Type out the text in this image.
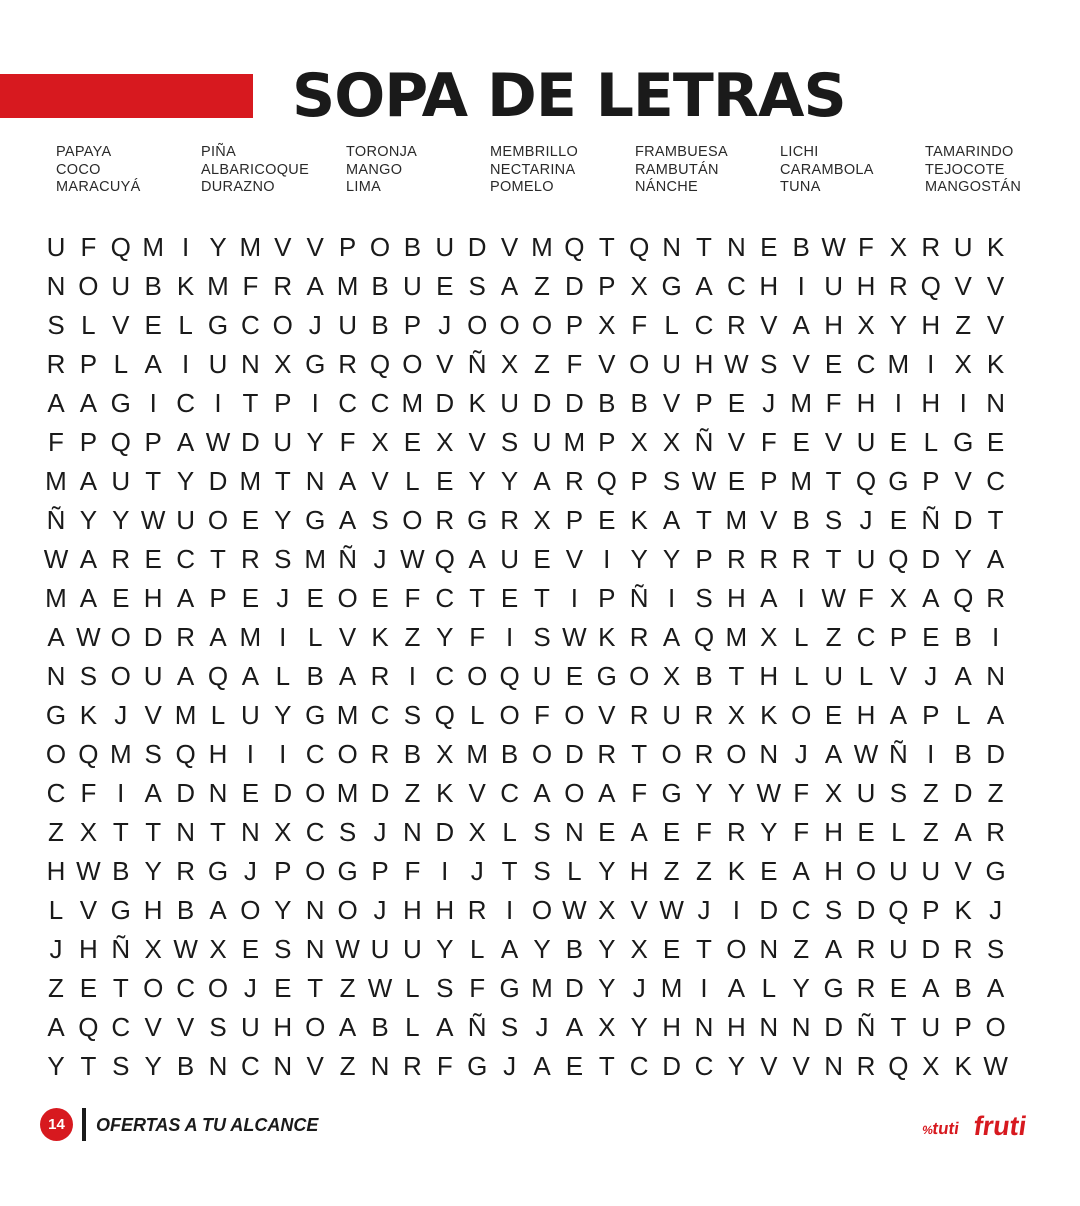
SOPA DE LETRAS
PAPAYA
COCO
MARACUYÁ
PIÑA
ALBARICOQUE
DURAZNO
TORONJA
MANGO
LIMA
MEMBRILLO
NECTARINA
POMELO
FRAMBUESA
RAMBUTÁN
NÁNCHE
LICHI
CARAMBOLA
TUNA
TAMARINDO
TEJOCOTE
MANGOSTÁN
U F Q M I Y M V V P O B U D V M Q T Q N T N E B W F X R U K
N O U B K M F R A M B U E S A Z D P X G A C H I U H R Q V V
S L V E L G C O J U B P J O O O P X F L C R V A H X Y H Z V
R P L A I U N X G R Q O V Ñ X Z F V O U H W S V E C M I X K
A A G I C I T P I C C M D K U D D B B V P E J M F H I H I N
F P Q P A W D U Y F X E X V S U M P X X Ñ V F E V U E L G E
M A U T Y D M T N A V L E Y Y A R Q P S W E P M T Q G P V C
Ñ Y Y W U O E Y G A S O R G R X P E K A T M V B S J E Ñ D T
W A R E C T R S M Ñ J W Q A U E V I Y Y P R R R T U Q D Y A
M A E H A P E J E O E F C T E T I P Ñ I S H A I W F X A Q R
A W O D R A M I L V K Z Y F I S W K R A Q M X L Z C P E B I
N S O U A Q A L B A R I C O Q U E G O X B T H L U L V J A N
G K J V M L U Y G M C S Q L O F O V R U R X K O E H A P L A
O Q M S Q H I I C O R B X M B O D R T O R O N J A W Ñ I B D
C F I A D N E D O M D Z K V C A O A F G Y Y W F X U S Z D Z
Z X T T N T N X C S J N D X L S N E A E F R Y F H E L Z A R
H W B Y R G J P O G P F I J T S L Y H Z Z K E A H O U U V G
L V G H B A O Y N O J H H R I O W X V W J I D C S D Q P K J
J H Ñ X W X E S N W U U Y L A Y B Y X E T O N Z A R U D R S
Z E T O C O J E T Z W L S F G M D Y J M I A L Y G R E A B A
A Q C V V S U H O A B L A Ñ S J A X Y H N H N N D Ñ T U P O
Y T S Y B N C N V Z N R F G J A E T C D C Y V V N R Q X K W
14	OFERTAS A TU ALCANCE	%
tuti fruti
